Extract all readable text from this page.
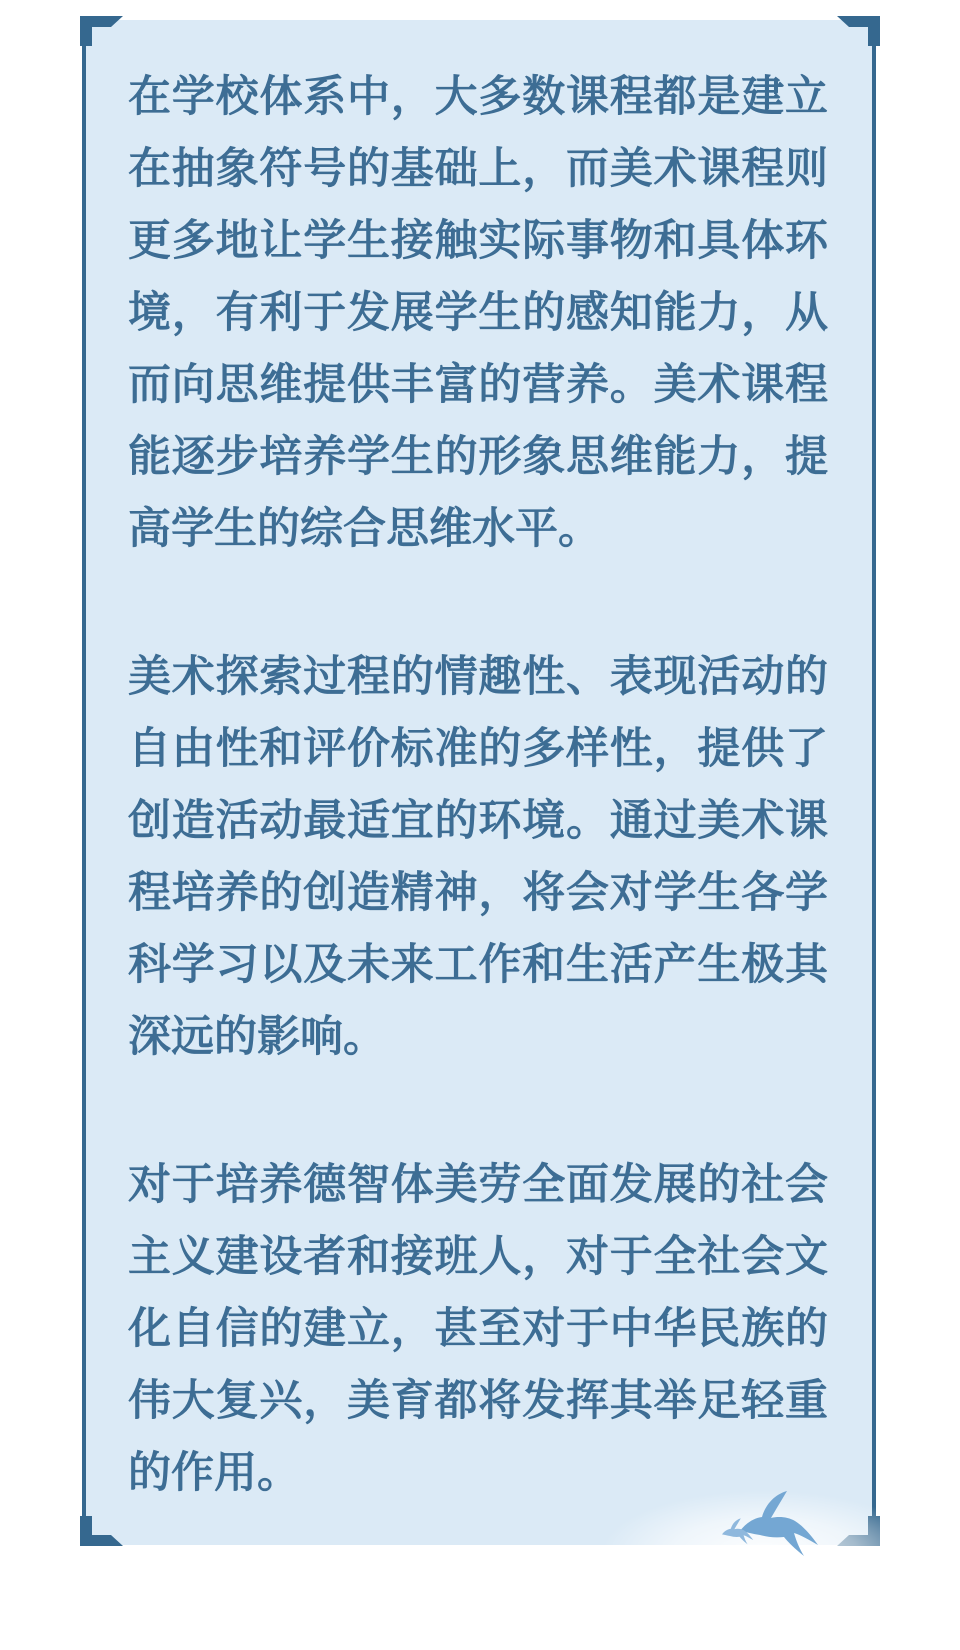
在学校体系中，大多数课程都是建立在抽象符号的基础上，而美术课程则更多地让学生接触实际事物和具体环境，有利于发展学生的感知能力，从而向思维提供丰富的营养。美术课程能逐步培养学生的形象思维能力，提高学生的综合思维水平。

美术探索过程的情趣性、表现活动的自由性和评价标准的多样性，提供了创造活动最适宜的环境。通过美术课程培养的创造精神，将会对学生各学科学习以及未来工作和生活产生极其深远的影响。

对于培养德智体美劳全面发展的社会主义建设者和接班人，对于全社会文化自信的建立，甚至对于中华民族的伟大复兴，美育都将发挥其举足轻重的作用。
